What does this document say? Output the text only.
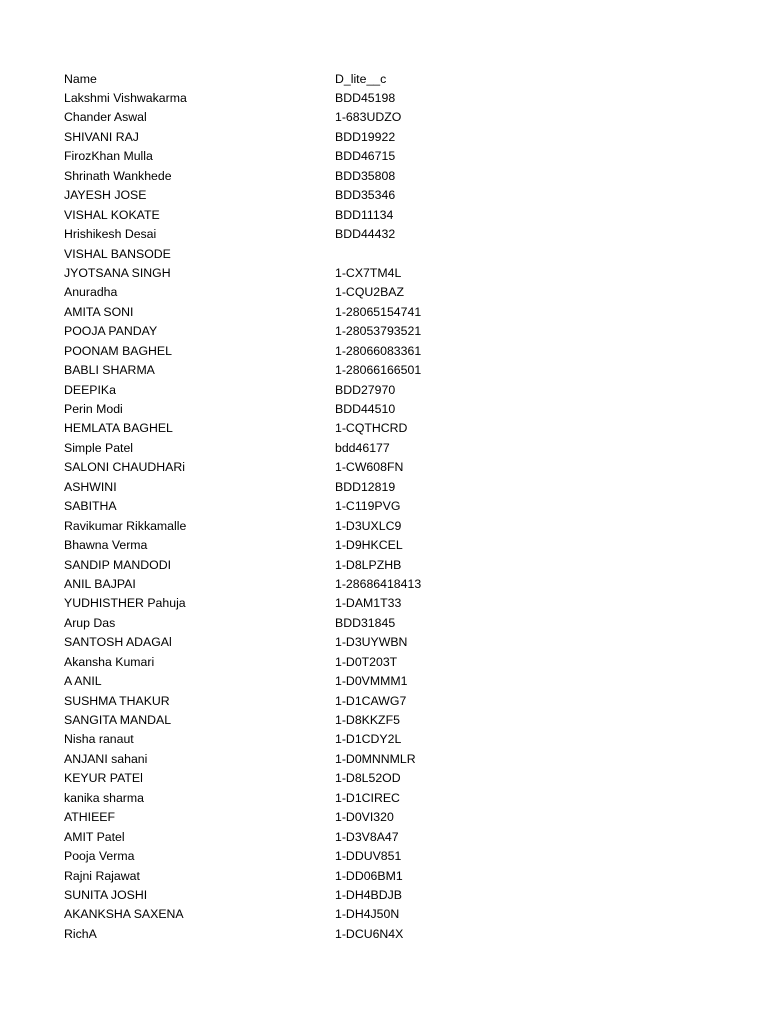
Name	D_lite__c
Lakshmi Vishwakarma	BDD45198
Chander Aswal	1-683UDZO
SHIVANI RAJ	BDD19922
FirozKhan Mulla	BDD46715
Shrinath Wankhede	BDD35808
JAYESH JOSE	BDD35346
VISHAL KOKATE	BDD11134
Hrishikesh Desai	BDD44432
VISHAL BANSODE
JYOTSANA SINGH	1-CX7TM4L
Anuradha	1-CQU2BAZ
AMITA SONI	1-28065154741
POOJA PANDAY	1-28053793521
POONAM BAGHEL	1-28066083361
BABLI SHARMA	1-28066166501
DEEPIKa	BDD27970
Perin Modi	BDD44510
HEMLATA BAGHEL	1-CQTHCRD
Simple Patel	bdd46177
SALONI CHAUDHARi	1-CW608FN
ASHWINI	BDD12819
SABITHA	1-C119PVG
Ravikumar Rikkamalle	1-D3UXLC9
Bhawna Verma	1-D9HKCEL
SANDIP MANDODI	1-D8LPZHB
ANIL BAJPAI	1-28686418413
YUDHISTHER Pahuja	1-DAM1T33
Arup Das	BDD31845
SANTOSH ADAGAl	1-D3UYWBN
Akansha Kumari	1-D0T203T
A ANIL	1-D0VMMM1
SUSHMA THAKUR	1-D1CAWG7
SANGITA MANDAL	1-D8KKZF5
Nisha ranaut	1-D1CDY2L
ANJANI sahani	1-D0MNNMLR
KEYUR PATEl	1-D8L52OD
kanika sharma	1-D1CIREC
ATHIEEF	1-D0VI320
AMIT Patel	1-D3V8A47
Pooja Verma	1-DDUV851
Rajni Rajawat	1-DD06BM1
SUNITA JOSHI	1-DH4BDJB
AKANKSHA SAXENA	1-DH4J50N
RichA	1-DCU6N4X
